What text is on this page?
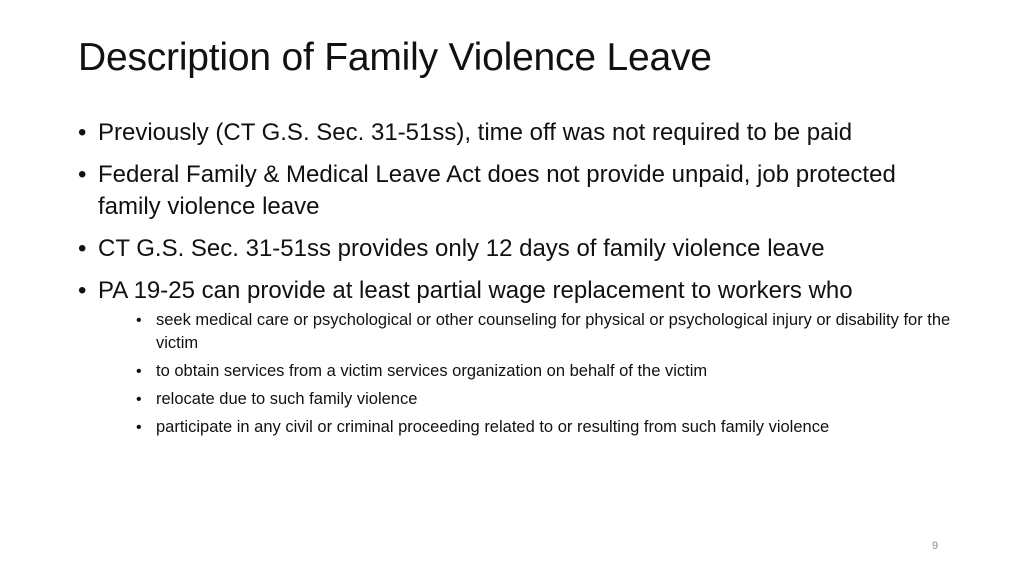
Description of Family Violence Leave
• Previously (CT G.S. Sec. 31-51ss), time off was not required to be paid
• Federal Family & Medical Leave Act does not provide unpaid, job protected family violence leave
• CT G.S. Sec. 31-51ss provides only 12 days of family violence leave
• PA 19-25 can provide at least partial wage replacement to workers who
• seek medical care or psychological or other counseling for physical or psychological injury or disability for the victim
• to obtain services from a victim services organization on behalf of the victim
• relocate due to such family violence
• participate in any civil or criminal proceeding related to or resulting from such family violence
9
